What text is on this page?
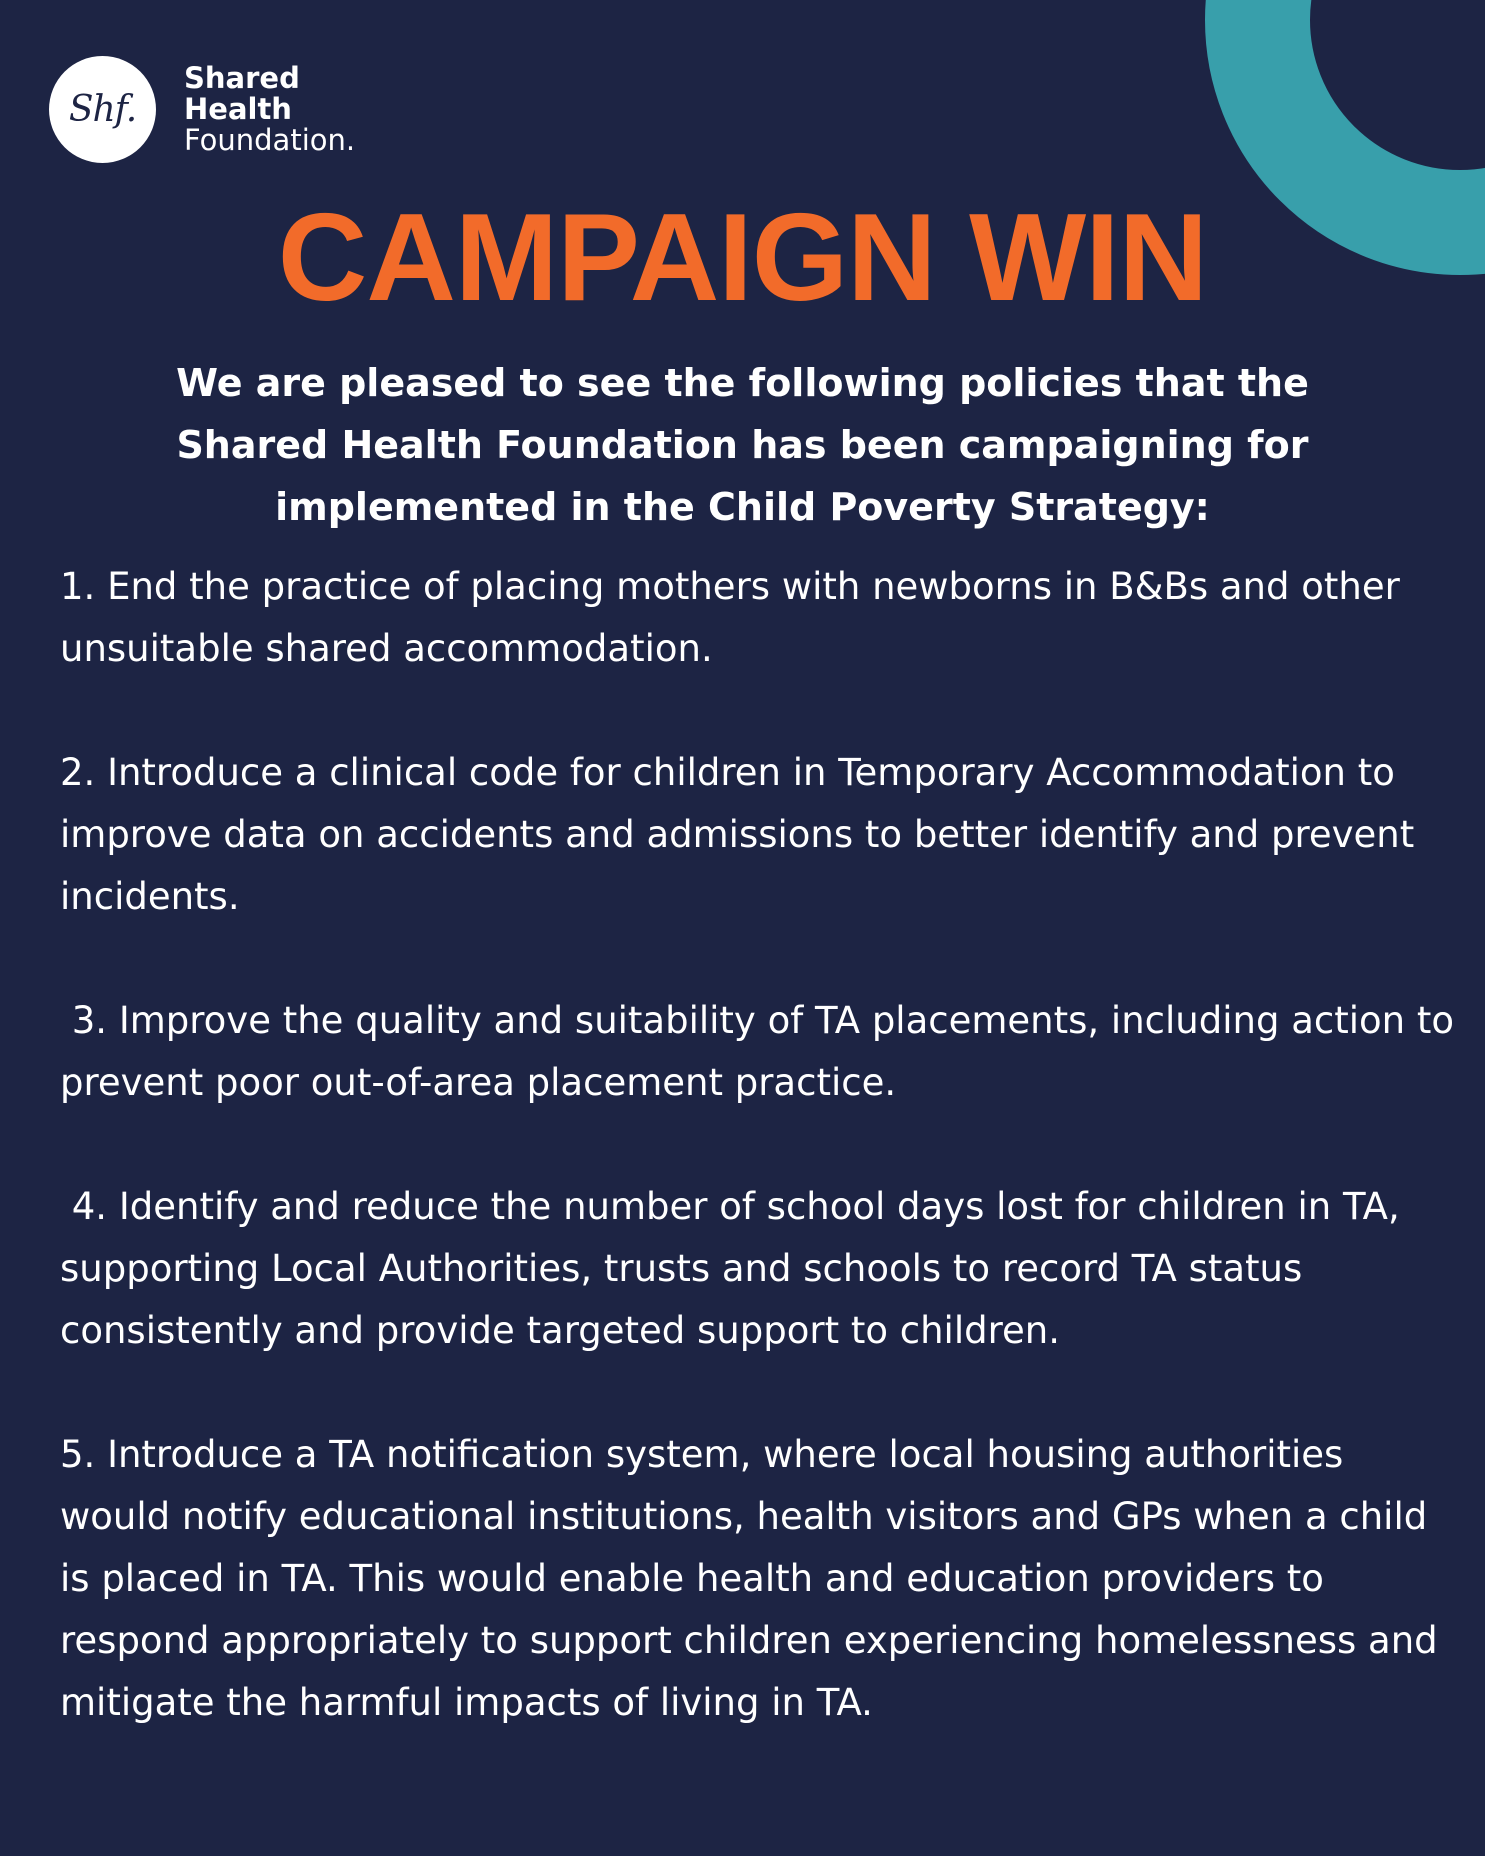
Shf.
Shared
Health
Foundation.
CAMPAIGN WIN

We are pleased to see the following policies that the Shared Health Foundation has been campaigning for implemented in the Child Poverty Strategy:

1. End the practice of placing mothers with newborns in B&Bs and other unsuitable shared accommodation.
2. Introduce a clinical code for children in Temporary Accommodation to improve data on accidents and admissions to better identify and prevent incidents.
3. Improve the quality and suitability of TA placements, including action to prevent poor out-of-area placement practice.
4. Identify and reduce the number of school days lost for children in TA, supporting Local Authorities, trusts and schools to record TA status consistently and provide targeted support to children.
5. Introduce a TA notification system, where local housing authorities would notify educational institutions, health visitors and GPs when a child is placed in TA. This would enable health and education providers to respond appropriately to support children experiencing homelessness and mitigate the harmful impacts of living in TA.
